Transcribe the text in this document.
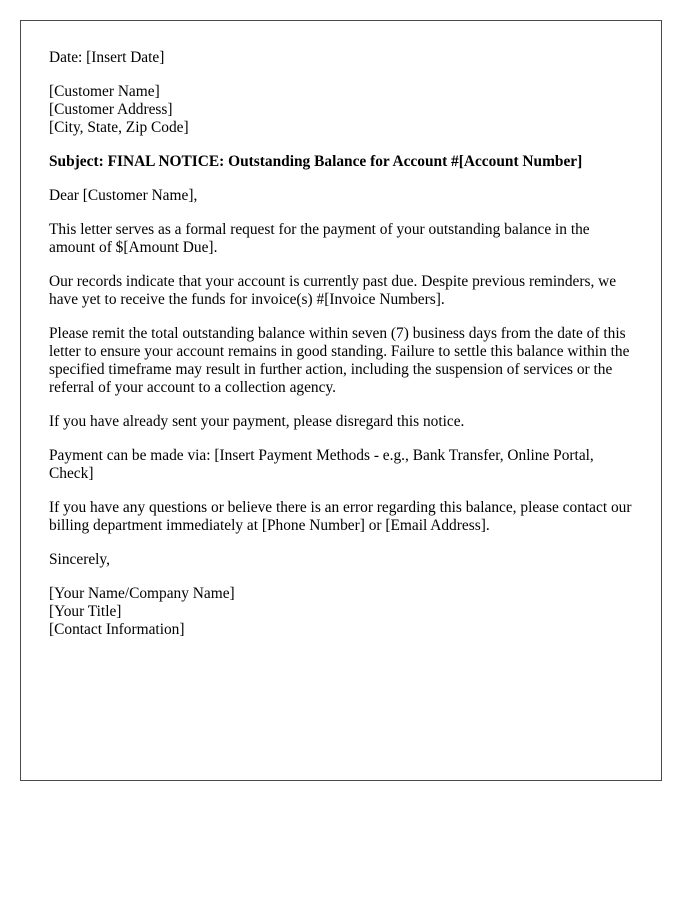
Date: [Insert Date]

[Customer Name]
[Customer Address]
[City, State, Zip Code]

Subject: FINAL NOTICE: Outstanding Balance for Account #[Account Number]

Dear [Customer Name],

This letter serves as a formal request for the payment of your outstanding balance in the amount of $[Amount Due].

Our records indicate that your account is currently past due. Despite previous reminders, we have yet to receive the funds for invoice(s) #[Invoice Numbers].

Please remit the total outstanding balance within seven (7) business days from the date of this letter to ensure your account remains in good standing. Failure to settle this balance within the specified timeframe may result in further action, including the suspension of services or the referral of your account to a collection agency.

If you have already sent your payment, please disregard this notice.

Payment can be made via: [Insert Payment Methods - e.g., Bank Transfer, Online Portal, Check]

If you have any questions or believe there is an error regarding this balance, please contact our billing department immediately at [Phone Number] or [Email Address].

Sincerely,

[Your Name/Company Name]
[Your Title]
[Contact Information]
